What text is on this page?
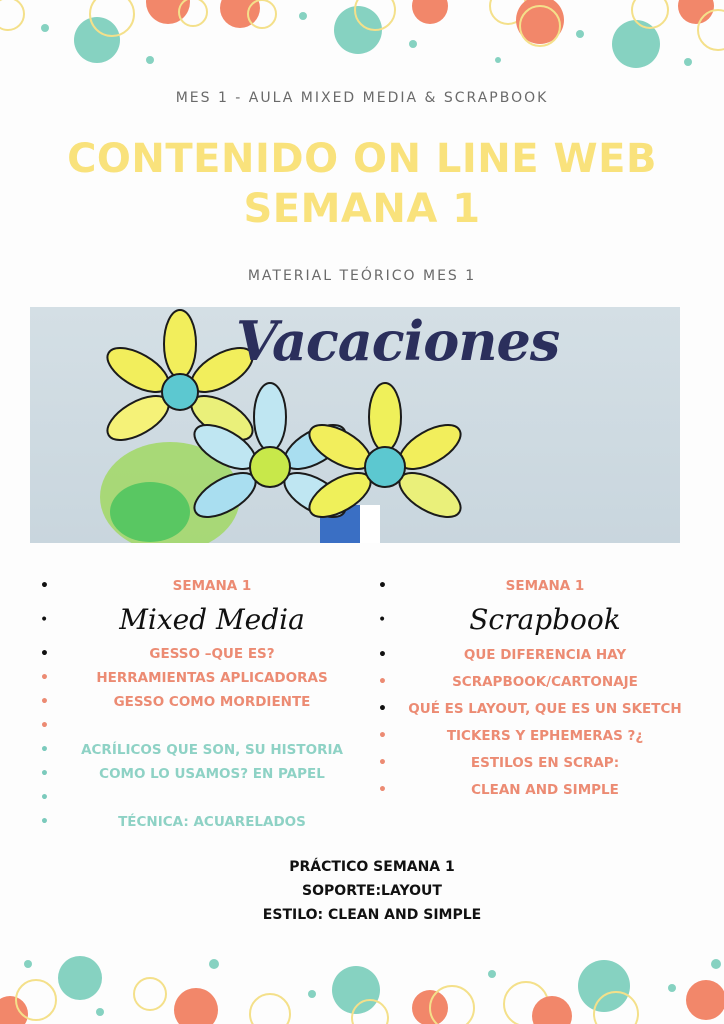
MES 1 - AULA MIXED MEDIA & SCRAPBOOK
CONTENIDO ON LINE WEB
SEMANA 1
MATERIAL TEÓRICO MES 1
Vacaciones
• SEMANA 1
• Mixed Media
• GESSO –QUE ES?
• HERRAMIENTAS APLICADORAS
• GESSO COMO MORDIENTE
•
• ACRÍLICOS QUE SON, SU HISTORIA
• COMO LO USAMOS? EN PAPEL
•
• TÉCNICA: ACUARELADOS
• SEMANA 1
• Scrapbook
• QUE DIFERENCIA HAY
• SCRAPBOOK/CARTONAJE
• QUÉ ES LAYOUT, QUE ES UN SKETCH
• TICKERS Y EPHEMERAS ?¿
• ESTILOS EN SCRAP:
• CLEAN AND SIMPLE
PRÁCTICO SEMANA 1
SOPORTE:LAYOUT
ESTILO: CLEAN AND SIMPLE
